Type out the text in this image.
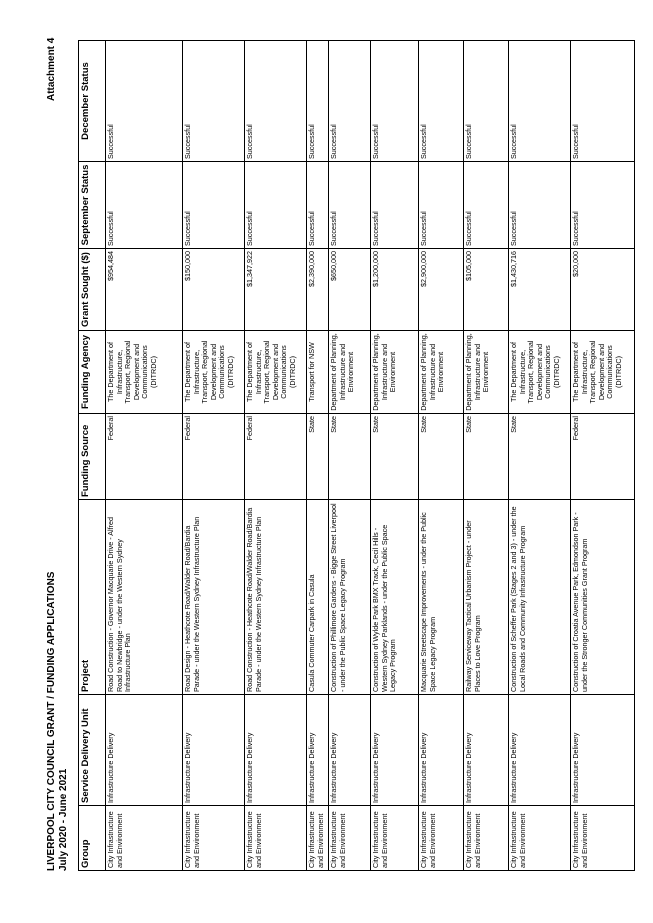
LIVERPOOL CITY COUNCIL GRANT / FUNDING APPLICATIONS July 2020 - June 2021
Attachment 4
Group	Service Delivery Unit	Project	Funding Source	Funding Agency	Grant Sought ($)	September Status	December Status
City Infrastructure and Environment	Infrastructure Delivery	Road Construction - Governor Macquarie Drive - Alfred Road to Newbridge - under the Western Sydney Infrastructure Plan	Federal	The Department of Infrastructure, Transport, Regional Development and Communications (DITRDC)	$954,484	Successful	Successful
City Infrastructure and Environment	Infrastructure Delivery	Road Design - Heathcote Road/Walder Road/Bardia Parade - under the Western Sydney Infrastructure Plan	Federal	The Department of Infrastructure, Transport, Regional Development and Communications (DITRDC)	$150,000	Successful	Successful
City Infrastructure and Environment	Infrastructure Delivery	Road Construction - Heathcote Road/Walder Road/Bardia Parade - under the Western Sydney Infrastructure Plan	Federal	The Department of Infrastructure, Transport, Regional Development and Communications (DITRDC)	$1,347,922	Successful	Successful
City Infrastructure and Environment	Infrastructure Delivery	Casula Commuter Carpark in Casula	State	Transport for NSW	$2,390,000	Successful	Successful
City Infrastructure and Environment	Infrastructure Delivery	Construction of Phillimore Gardens - Bigge Street Liverpool - under the Public Space Legacy Program	State	Department of Planning, Infrastructure and Environment	$650,000	Successful	Successful
City Infrastructure and Environment	Infrastructure Delivery	Construction of Wylde Park BMX Track, Cecil Hills - Western Sydney Parklands - under the Public Space Legacy Program	State	Department of Planning, Infrastructure and Environment	$1,200,000	Successful	Successful
City Infrastructure and Environment	Infrastructure Delivery	Macquarie Streetscape Improvements - under the Public Space Legacy Program	State	Department of Planning, Infrastructure and Environment	$2,900,000	Successful	Successful
City Infrastructure and Environment	Infrastructure Delivery	Railway Serviceway Tactical Urbanism Project - under Places to Love Program	State	Department of Planning, Infrastructure and Environment	$105,000	Successful	Successful
City Infrastructure and Environment	Infrastructure Delivery	Construction of Scheffer Park (Stages 2 and 3) - under the Local Roads and Community Infrastructure Program	State	The Department of Infrastructure, Transport, Regional Development and Communications (DITRDC)	$1,430,716	Successful	Successful
City Infrastructure and Environment	Infrastructure Delivery	Construction of Croatia Avenue Park, Edmondson Park - under the Stronger Communities Grant Program	Federal	The Department of Infrastructure, Transport, Regional Development and Communications (DITRDC)	$20,000	Successful	Successful
